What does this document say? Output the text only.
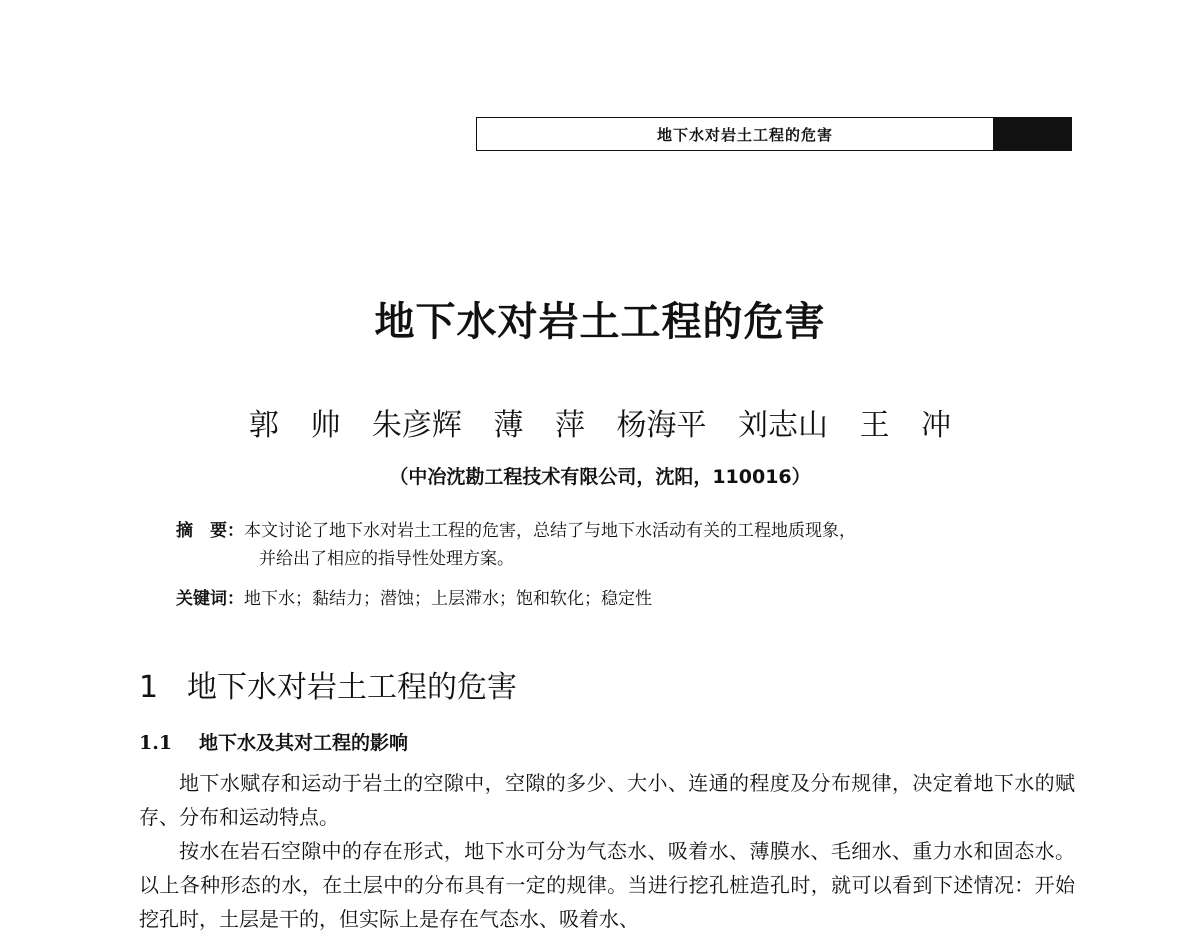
地下水对岩土工程的危害
地下水对岩土工程的危害
郭 帅 朱彦辉 薄 萍 杨海平 刘志山 王 冲
（中冶沈勘工程技术有限公司，沈阳，110016）
摘　要：本文讨论了地下水对岩土工程的危害，总结了与地下水活动有关的工程地质现象，
并给出了相应的指导性处理方案。
关键词：地下水；黏结力；潜蚀；上层滞水；饱和软化；稳定性
1 地下水对岩土工程的危害
1.1 地下水及其对工程的影响

地下水赋存和运动于岩土的空隙中，空隙的多少、大小、连通的程度及分布规律，决定着地下水的赋存、分布和运动特点。

按水在岩石空隙中的存在形式，地下水可分为气态水、吸着水、薄膜水、毛细水、重力水和固态水。以上各种形态的水，在土层中的分布具有一定的规律。当进行挖孔桩造孔时，就可以看到下述情况：开始挖孔时，土层是干的，但实际上是存在气态水、吸着水、
